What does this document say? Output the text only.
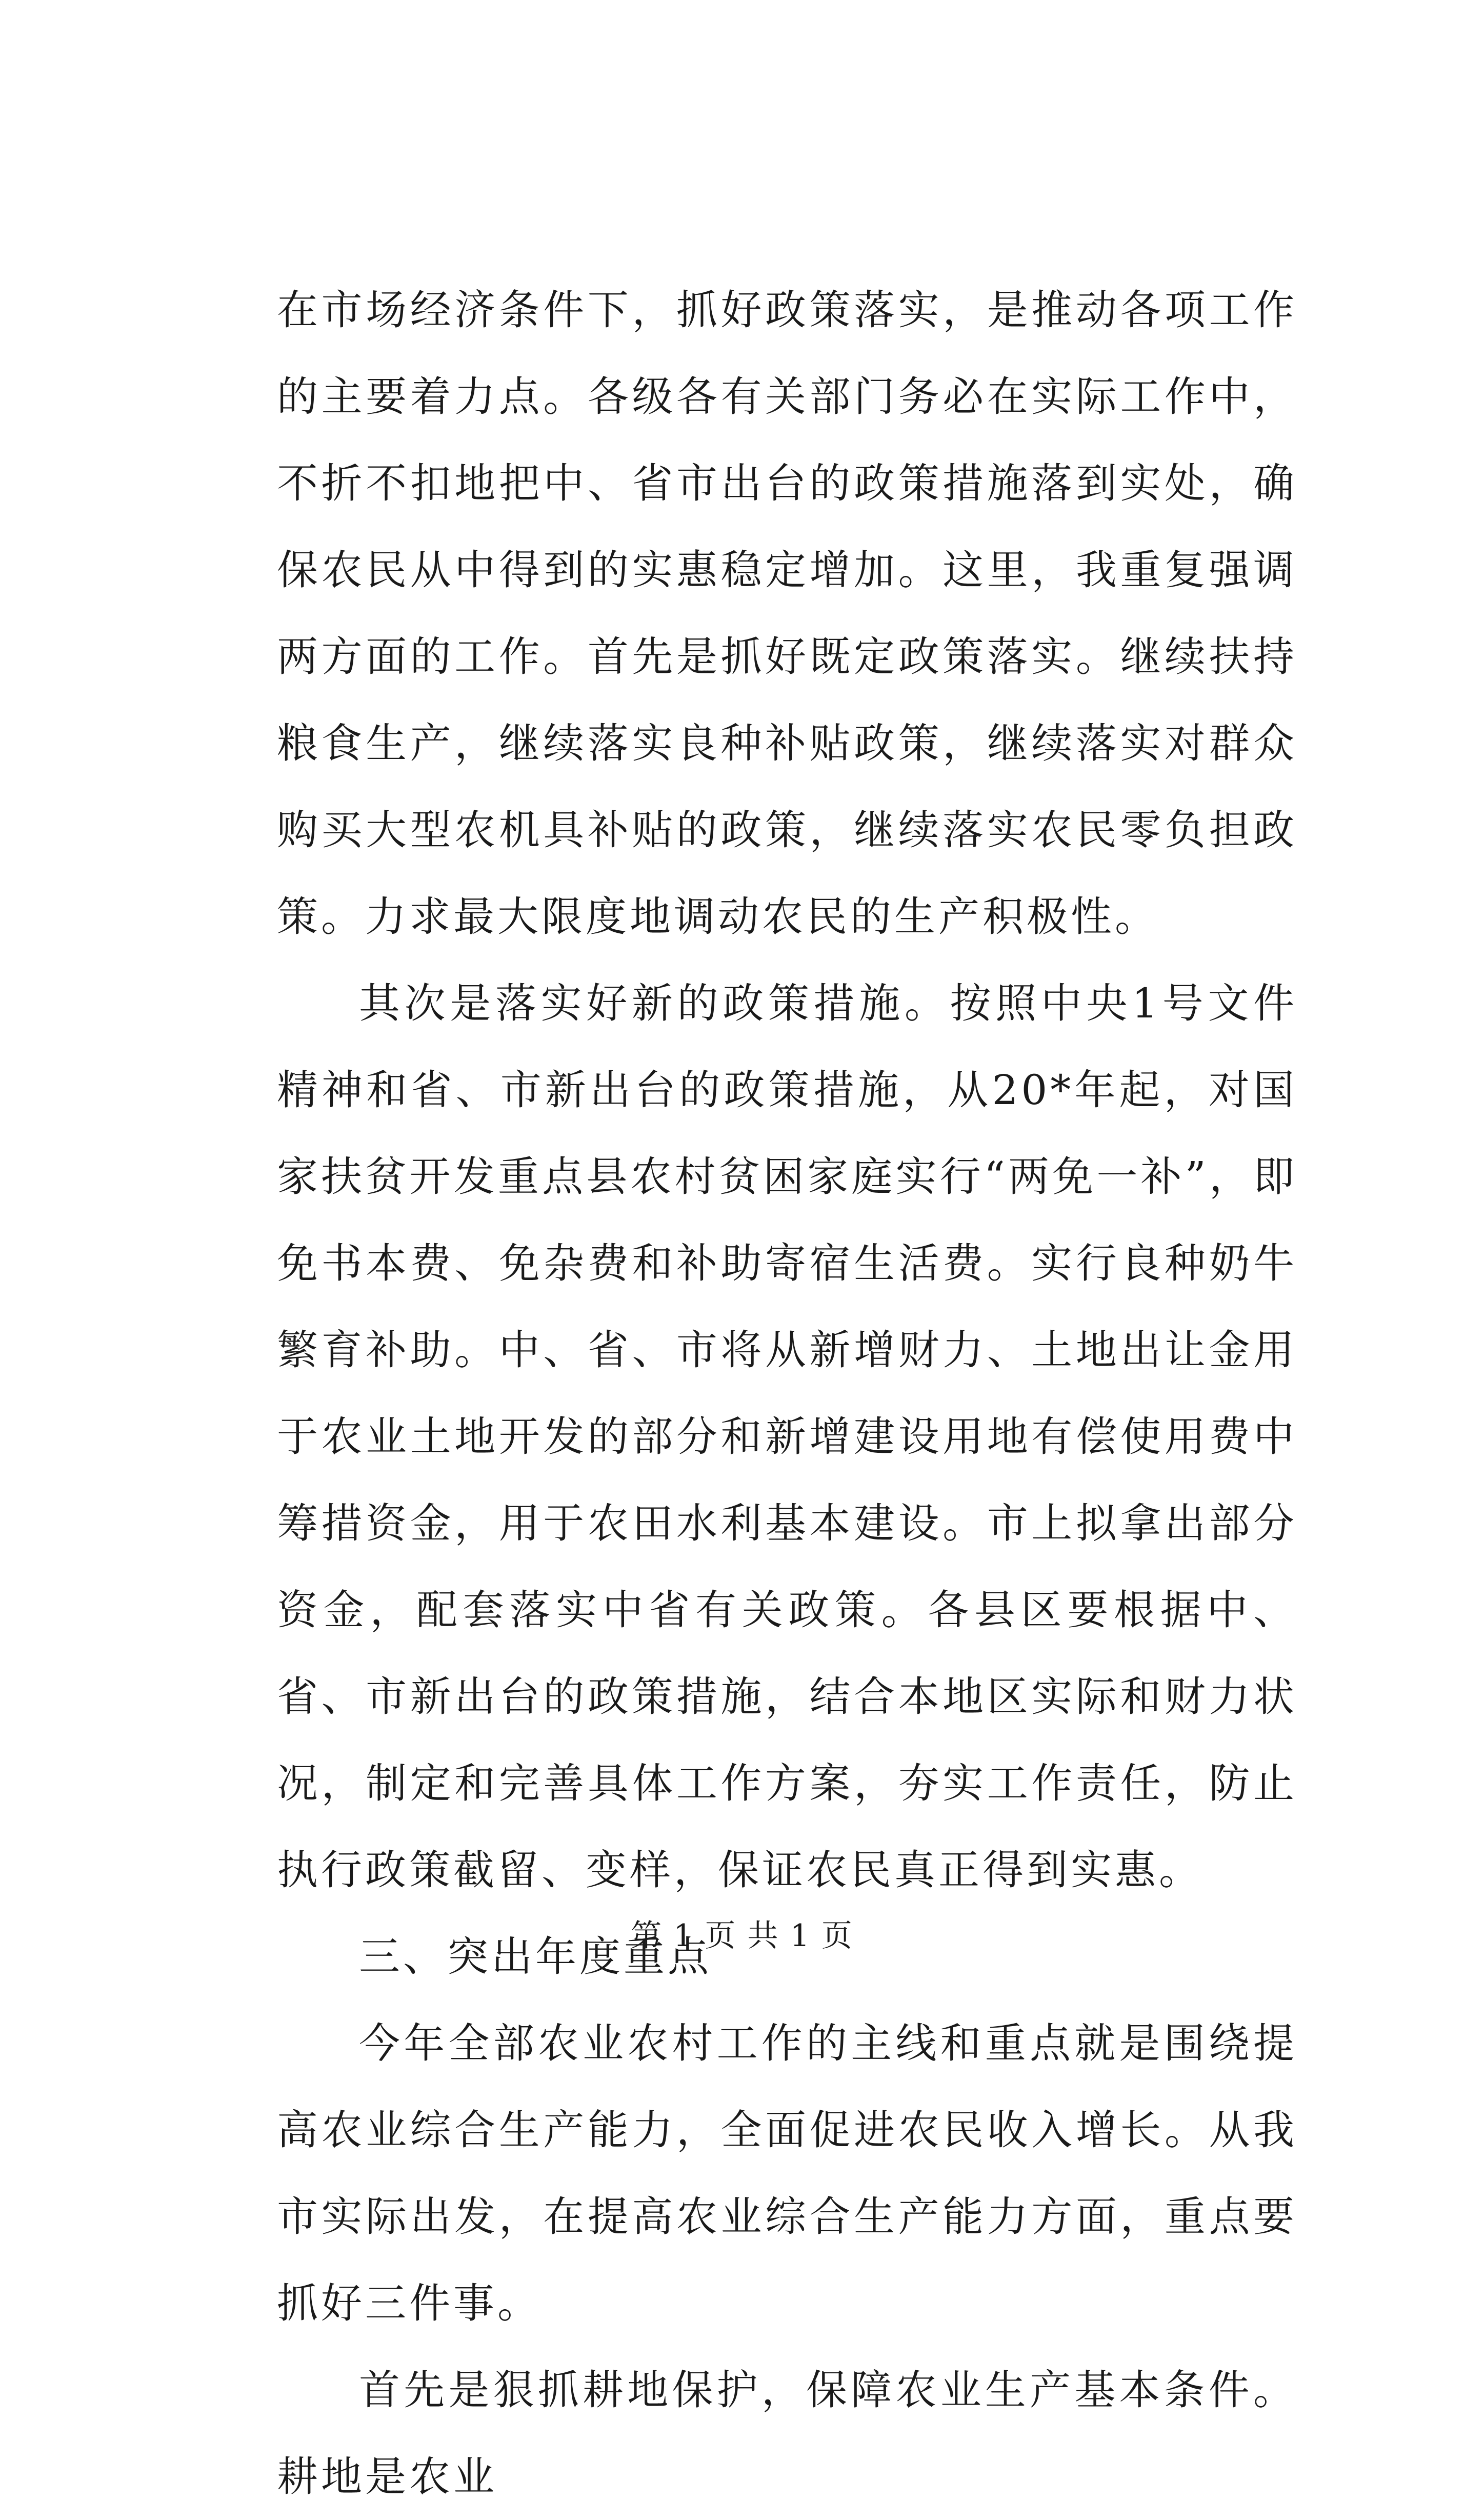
在市场经济条件下，抓好政策落实，是推动各项工作的主要着力点。各级各有关部门务必在实际工作中，不折不扣地把中、省市出台的政策措施落到实处，确保农民从中得到的实惠稳定增加。这里，我重复强调两方面的工作。首先是抓好既定政策落实。继续扶持粮食生产，继续落实良种补贴政策，继续落实对群众购买大型农机具补贴的政策，继续落实农民零负担政策。力求最大限度地调动农民的生产积极性。

其次是落实好新的政策措施。按照中央1号文件精神和省、市新出台的政策措施，从20*年起，对国家扶贫开发重点县农村贫困家庭实行“两免一补”，即免书本费、免杂费和补助寄宿生活费。实行良种奶牛繁育补助。中、省、市将从新增财力、土地出让金用于农业土地开发的部分和新增建设用地有偿使用费中筹措资金，用于农田水利基本建设。市上拟拿出部分资金，配套落实中省有关政策。各县区要根据中、省、市新出台的政策措施，结合本地区实际和财力状况，制定和完善具体工作方案，夯实工作责任，防止执行政策截留、变样，保证农民真正得到实惠。

三、突出年度重点

今年全部农业农村工作的主线和重点就是围绕提高农业综合生产能力，全面促进农民收入增长。从我市实际出发，在提高农业综合生产能力方面，重点要抓好三件事。

首先是狠抓耕地保护，保障农业生产基本条件。耕地是农业

第 1 页 共 1 页
